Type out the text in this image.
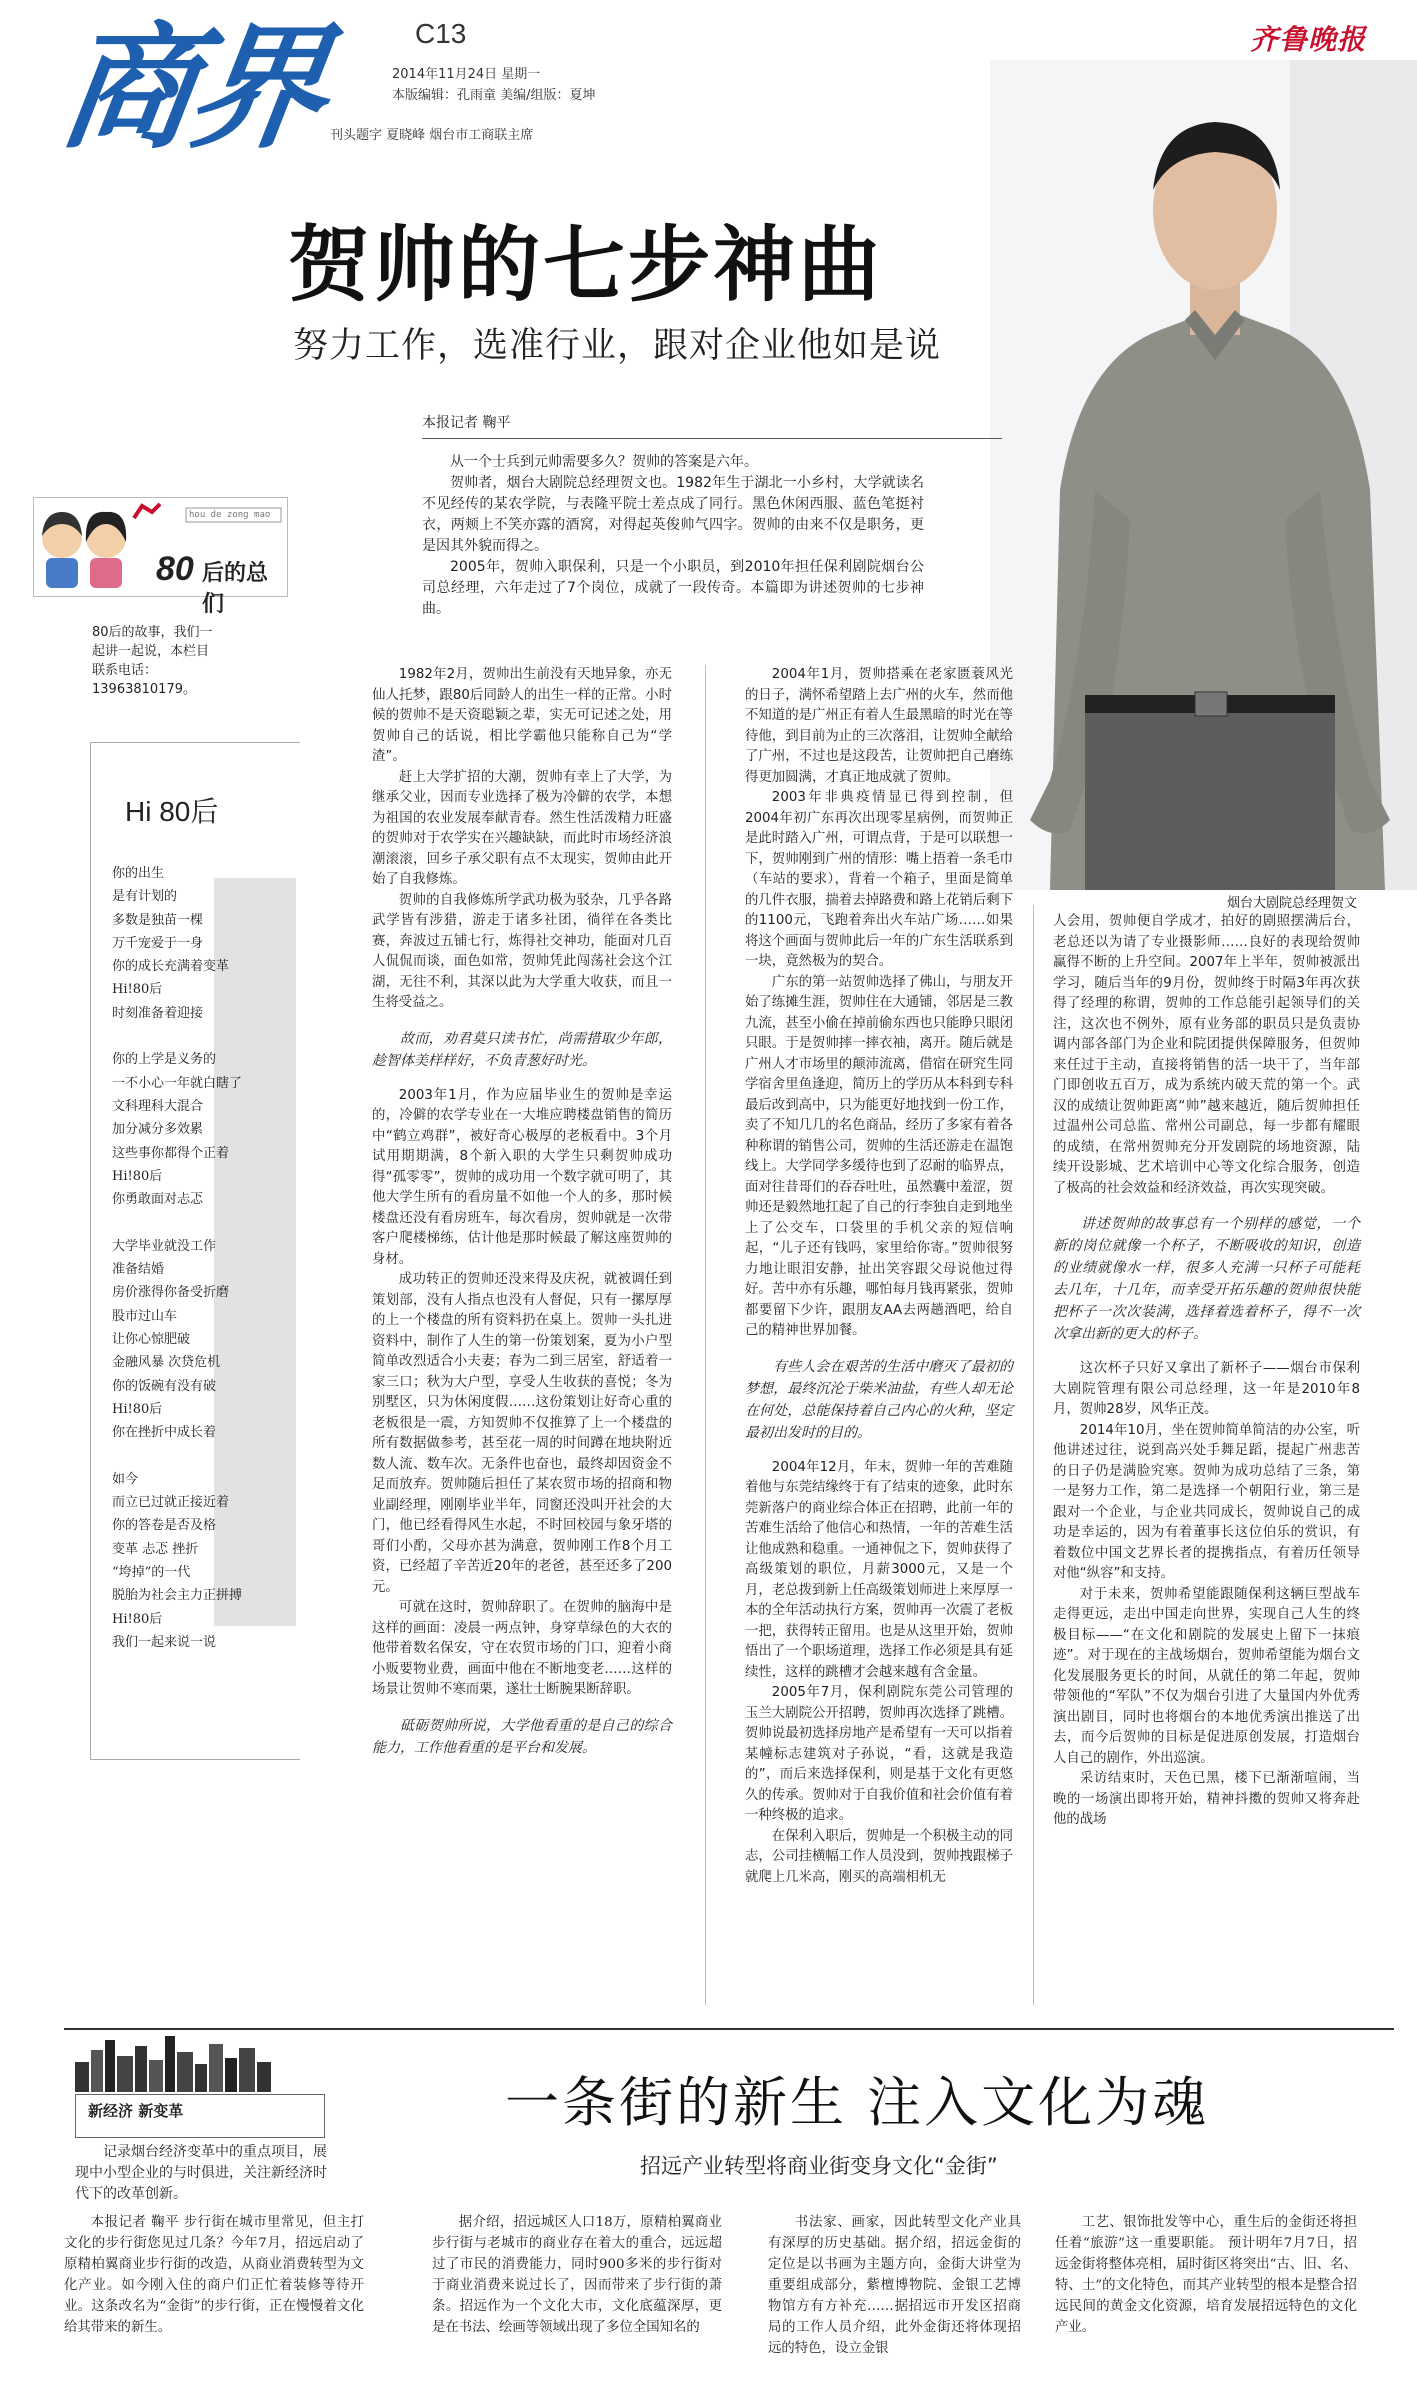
商界	C13
2014年11月24日 星期一
本版编辑：孔雨童 美编/组版：夏坤
刊头题字 夏晓峰 烟台市工商联主席
齐鲁晚报
烟台大剧院总经理贺文
贺帅的七步神曲
努力工作，选准行业，跟对企业他如是说
本报记者 鞠平

从一个士兵到元帅需要多久？贺帅的答案是六年。

贺帅者，烟台大剧院总经理贺文也。1982年生于湖北一小乡村，大学就读名不见经传的某农学院，与表隆平院士差点成了同行。黑色休闲西服、蓝色笔挺衬衣，两颊上不笑亦露的酒窝，对得起英俊帅气四字。贺帅的由来不仅是职务，更是因其外貌而得之。

2005年，贺帅入职保利，只是一个小职员，到2010年担任保利剧院烟台公司总经理，六年走过了7个岗位，成就了一段传奇。本篇即为讲述贺帅的七步神曲。

hou de zong mao
80 后的总们
80后的故事，我们一起讲一起说，本栏目联系电话：13963810179。
Hi 80后
你的出生
是有计划的
多数是独苗一棵
万千宠爱于一身
你的成长充满着变革
Hi!80后
时刻准备着迎接

你的上学是义务的
一不小心一年就白瞎了
文科理科大混合
加分减分多效累
这些事你都得个正着
Hi!80后
你勇敢面对忐忑

大学毕业就没工作
准备结婚
房价涨得你备受折磨
股市过山车
让你心惊肥破
金融风暴 次贷危机
你的饭碗有没有破
Hi!80后
你在挫折中成长着

如今
而立已过就正接近着
你的答卷是否及格
变革 忐忑 挫折
“垮掉”的一代
脱胎为社会主力正拼搏
Hi!80后
我们一起来说一说

1982年2月，贺帅出生前没有天地异象，亦无仙人托梦，跟80后同龄人的出生一样的正常。小时候的贺帅不是天资聪颖之辈，实无可记述之处，用贺帅自己的话说，相比学霸他只能称自己为“学渣”。

赶上大学扩招的大潮，贺帅有幸上了大学，为继承父业，因而专业选择了极为冷僻的农学，本想为祖国的农业发展奉献青春。然生性活泼精力旺盛的贺帅对于农学实在兴趣缺缺，而此时市场经济浪潮滚滚，回乡子承父职有点不太现实，贺帅由此开始了自我修炼。

贺帅的自我修炼所学武功极为驳杂，几乎各路武学皆有涉猎，游走于诸多社团，徜徉在各类比赛，奔波过五铺七行，炼得社交神功，能面对几百人侃侃而谈，面色如常，贺帅凭此闯荡社会这个江湖，无往不利，其深以此为大学重大收获，而且一生将受益之。

故而，劝君莫只读书忙，尚需措取少年郎，趁智体美样样好，不负青葱好时光。

2003年1月，作为应届毕业生的贺帅是幸运的，冷僻的农学专业在一大堆应聘楼盘销售的简历中“鹤立鸡群”，被好奇心极厚的老板看中。3个月试用期期满，8个新入职的大学生只剩贺帅成功得“孤零零”，贺帅的成功用一个数字就可明了，其他大学生所有的看房量不如他一个人的多，那时候楼盘还没有看房班车，每次看房，贺帅就是一次带客户爬楼梯练，估计他是那时候最了解这座贺帅的身材。

成功转正的贺帅还没来得及庆祝，就被调任到策划部，没有人指点也没有人督促，只有一摞厚厚的上一个楼盘的所有资料扔在桌上。贺帅一头扎进资料中，制作了人生的第一份策划案，夏为小户型简单改烈适合小夫妻；春为二到三居室，舒适着一家三口；秋为大户型，享受人生收获的喜悦；冬为别墅区，只为休闲度假……这份策划让好奇心重的老板很是一震，方知贺帅不仅推算了上一个楼盘的所有数据做参考，甚至花一周的时间蹲在地块附近数人流、数车次。无条件也奋也，最终却因资金不足而放弃。贺帅随后担任了某农贸市场的招商和物业副经理，刚刚毕业半年，同窗还没叫开社会的大门，他已经看得风生水起，不时回校园与象牙塔的哥们小酌，父母亦甚为满意，贺帅刚工作8个月工资，已经超了辛苦近20年的老爸，甚至还多了200元。

可就在这时，贺帅辞职了。在贺帅的脑海中是这样的画面：凌晨一两点钟，身穿草绿色的大衣的他带着数名保安，守在农贸市场的门口，迎着小商小贩要物业费，画面中他在不断地变老……这样的场景让贺帅不寒而栗，遂壮士断腕果断辞职。

砥砺贺帅所说，大学他看重的是自己的综合能力，工作他看重的是平台和发展。

2004年1月，贺帅搭乘在老家匮蓑风光的日子，满怀希望踏上去广州的火车，然而他不知道的是广州正有着人生最黑暗的时光在等待他，到目前为止的三次落泪，让贺帅全献给了广州，不过也是这段苦，让贺帅把自己磨练得更加圆满，才真正地成就了贺帅。

2003年非典疫情显已得到控制，但2004年初广东再次出现零星病例，而贺帅正是此时踏入广州，可谓点背，于是可以联想一下，贺帅刚到广州的情形：嘴上捂着一条毛巾（车站的要求），背着一个箱子，里面是简单的几件衣服，揣着去掉路费和路上花销后剩下的1100元，飞跑着奔出火车站广场……如果将这个画面与贺帅此后一年的广东生活联系到一块，竟然极为的契合。

广东的第一站贺帅选择了佛山，与朋友开始了练摊生涯，贺帅住在大通铺，邻居是三教九流，甚至小偷在掉前偷东西也只能睁只眼闭只眼。于是贺帅摔一摔衣袖，离开。随后就是广州人才市场里的颠沛流离，借宿在研究生同学宿舍里鱼逢迎，简历上的学历从本科到专科最后改到高中，只为能更好地找到一份工作，卖了不知几几的名色商品，经历了多家有着各种称谓的销售公司，贺帅的生活还游走在温饱线上。大学同学多缓待也到了忍耐的临界点，面对往昔哥们的吞吞吐吐，虽然囊中羞涩，贺帅还是毅然地扛起了自己的行李独自走到地坐上了公交车，口袋里的手机父亲的短信响起，“儿子还有钱吗，家里给你寄。”贺帅很努力地让眼泪安静，扯出笑容跟父母说他过得好。苦中亦有乐趣，哪怕每月钱再紧张，贺帅都要留下少许，跟朋友AA去两趟酒吧，给自己的精神世界加餐。

有些人会在艰苦的生活中磨灭了最初的梦想，最终沉沦于柴米油盐，有些人却无论在何处，总能保持着自己内心的火种，坚定最初出发时的目的。

2004年12月，年末，贺帅一年的苦难随着他与东莞结缘终于有了结束的迹象，此时东莞新落户的商业综合体正在招聘，此前一年的苦难生活给了他信心和热情，一年的苦难生活让他成熟和稳重。一通神侃之下，贺帅获得了高级策划的职位，月薪3000元，又是一个月，老总拨到新上任高级策划师进上来厚厚一本的全年活动执行方案，贺帅再一次震了老板一把，获得转正留用。也是从这里开始，贺帅悟出了一个职场道理，选择工作必须是具有延续性，这样的跳槽才会越来越有含金量。

2005年7月，保利剧院东莞公司管理的玉兰大剧院公开招聘，贺帅再次选择了跳槽。贺帅说最初选择房地产是希望有一天可以指着某幢标志建筑对子孙说，“看，这就是我造的”，而后来选择保利，则是基于文化有更悠久的传承。贺帅对于自我价值和社会价值有着一种终极的追求。

在保利入职后，贺帅是一个积极主动的同志，公司挂横幅工作人员没到，贺帅拽跟梯子就爬上几米高，刚买的高端相机无

人会用，贺帅便自学成才，拍好的剧照摆满后台，老总还以为请了专业摄影师……良好的表现给贺帅赢得不断的上升空间。2007年上半年，贺帅被派出学习，随后当年的9月份，贺帅终于时隔3年再次获得了经理的称谓，贺帅的工作总能引起领导们的关注，这次也不例外，原有业务部的职员只是负责协调内部各部门为企业和院团提供保障服务，但贺帅来任过于主动，直接将销售的活一块干了，当年部门即创收五百万，成为系统内破天荒的第一个。武汉的成绩让贺帅距离“帅”越来越近，随后贺帅担任过温州公司总监、常州公司副总，每一步都有耀眼的成绩，在常州贺帅充分开发剧院的场地资源，陆续开设影城、艺术培训中心等文化综合服务，创造了极高的社会效益和经济效益，再次实现突破。

讲述贺帅的故事总有一个别样的感觉，一个新的岗位就像一个杯子，不断吸收的知识，创造的业绩就像水一样，很多人充满一只杯子可能耗去几年，十几年，而幸受开拓乐趣的贺帅很快能把杯子一次次装满，选择着选着杯子，得不一次次拿出新的更大的杯子。

这次杯子只好又拿出了新杯子——烟台市保利大剧院管理有限公司总经理，这一年是2010年8月，贺帅28岁，风华正茂。

2014年10月，坐在贺帅简单简洁的办公室，听他讲述过往，说到高兴处手舞足蹈，提起广州悲苦的日子仍是满脸究寒。贺帅为成功总结了三条，第一是努力工作，第二是选择一个朝阳行业，第三是跟对一个企业，与企业共同成长，贺帅说自己的成功是幸运的，因为有着董事长这位伯乐的赏识，有着数位中国文艺界长者的提携指点，有着历任领导对他“纵容”和支持。

对于未来，贺帅希望能跟随保利这辆巨型战车走得更远，走出中国走向世界，实现自己人生的终极目标——“在文化和剧院的发展史上留下一抹痕迹”。对于现在的主战场烟台，贺帅希望能为烟台文化发展服务更长的时间，从就任的第二年起，贺帅带领他的“军队”不仅为烟台引进了大量国内外优秀演出剧目，同时也将烟台的本地优秀演出推送了出去，而今后贺帅的目标是促进原创发展，打造烟台人自己的剧作，外出巡演。

采访结束时，天色已黑，楼下已渐渐喧闹，当晚的一场演出即将开始，精神抖擞的贺帅又将奔赴他的战场

新经济 新变革
记录烟台经济变革中的重点项目，展现中小型企业的与时俱进，关注新经济时代下的改革创新。
一条街的新生 注入文化为魂
招远产业转型将商业街变身文化“金街”

本报记者 鞠平 步行街在城市里常见，但主打文化的步行街您见过几条？今年7月，招远启动了原精柏翼商业步行街的改造，从商业消费转型为文化产业。如今刚入住的商户们正忙着装修等待开业。这条改名为“金街”的步行街，正在慢慢着文化给其带来的新生。

据介绍，招远城区人口18万，原精柏翼商业步行街与老城市的商业存在着大的重合，远远超过了市民的消费能力，同时900多米的步行街对于商业消费来说过长了，因而带来了步行街的萧条。招远作为一个文化大市，文化底蕴深厚，更是在书法、绘画等领域出现了多位全国知名的

书法家、画家，因此转型文化产业具有深厚的历史基础。据介绍，招远金街的定位是以书画为主题方向，金街大讲堂为重要组成部分，紫檀博物院、金银工艺博物馆方有方补充……据招远市开发区招商局的工作人员介绍，此外金街还将体现招远的特色，设立金银

工艺、银饰批发等中心，重生后的金街还将担任着“旅游”这一重要职能。 预计明年7月7日，招远金街将整体亮相，届时街区将突出“古、旧、名、特、土”的文化特色，而其产业转型的根本是整合招远民间的黄金文化资源，培育发展招远特色的文化产业。
